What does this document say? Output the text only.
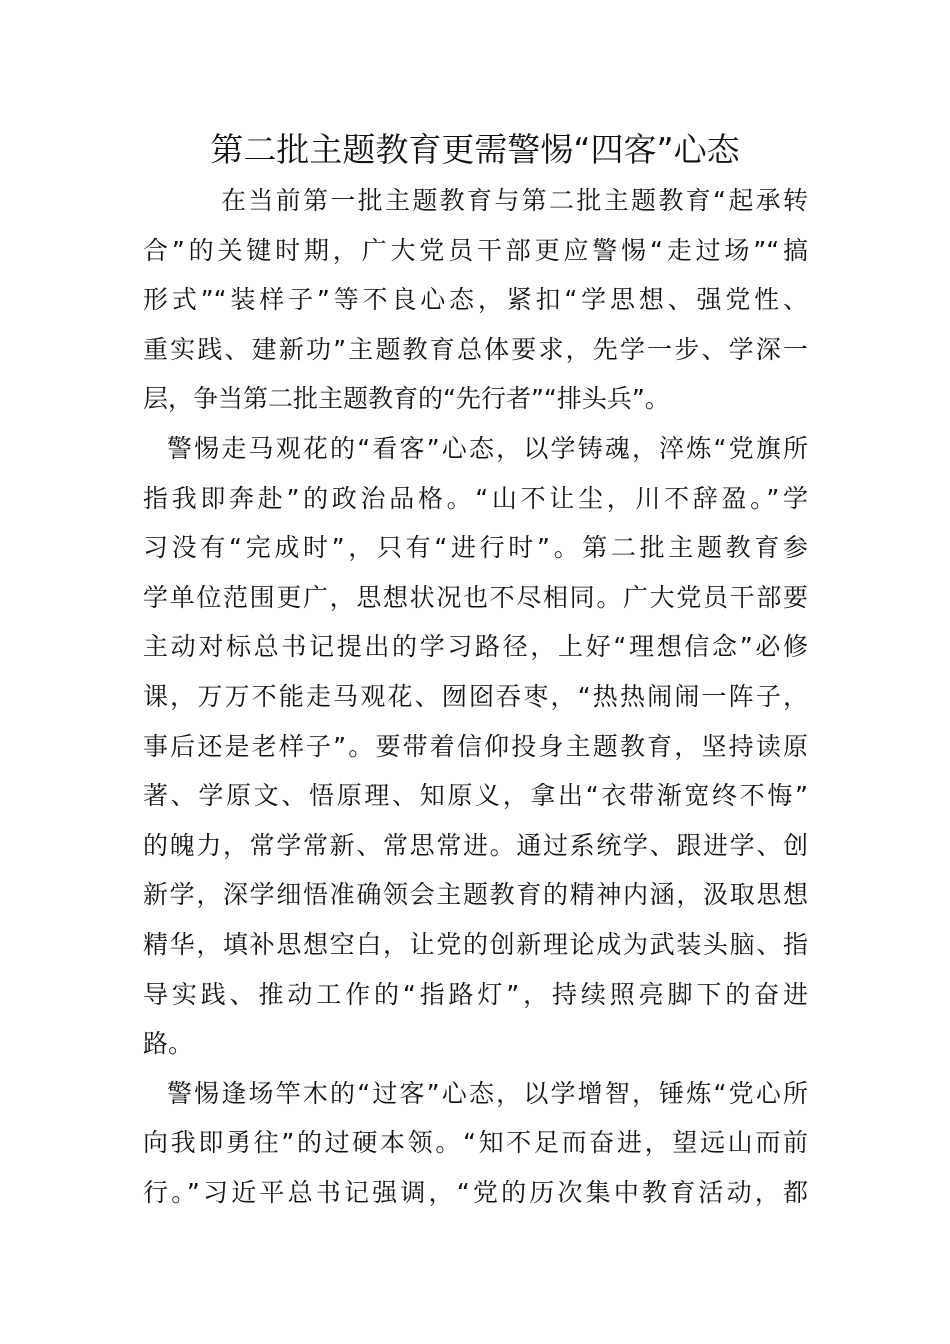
第二批主题教育更需警惕“四客”心态
在当前第一批主题教育与第二批主题教育“起承转
合”的关键时期，广大党员干部更应警惕“走过场”“搞
形式”“装样子”等不良心态，紧扣“学思想、强党性、
重实践、建新功”主题教育总体要求，先学一步、学深一
层，争当第二批主题教育的“先行者”“排头兵”。
警惕走马观花的“看客”心态，以学铸魂，淬炼“党旗所
指我即奔赴”的政治品格。“山不让尘，川不辞盈。”学
习没有“完成时”，只有“进行时”。第二批主题教育参
学单位范围更广，思想状况也不尽相同。广大党员干部要
主动对标总书记提出的学习路径，上好“理想信念”必修
课，万万不能走马观花、囫囵吞枣，“热热闹闹一阵子，
事后还是老样子”。要带着信仰投身主题教育，坚持读原
著、学原文、悟原理、知原义，拿出“衣带渐宽终不悔”
的魄力，常学常新、常思常进。通过系统学、跟进学、创
新学，深学细悟准确领会主题教育的精神内涵，汲取思想
精华，填补思想空白，让党的创新理论成为武装头脑、指
导实践、推动工作的“指路灯”，持续照亮脚下的奋进
路。
警惕逢场竿木的“过客”心态，以学增智，锤炼“党心所
向我即勇往”的过硬本领。“知不足而奋进，望远山而前
行。”习近平总书记强调，“党的历次集中教育活动，都
